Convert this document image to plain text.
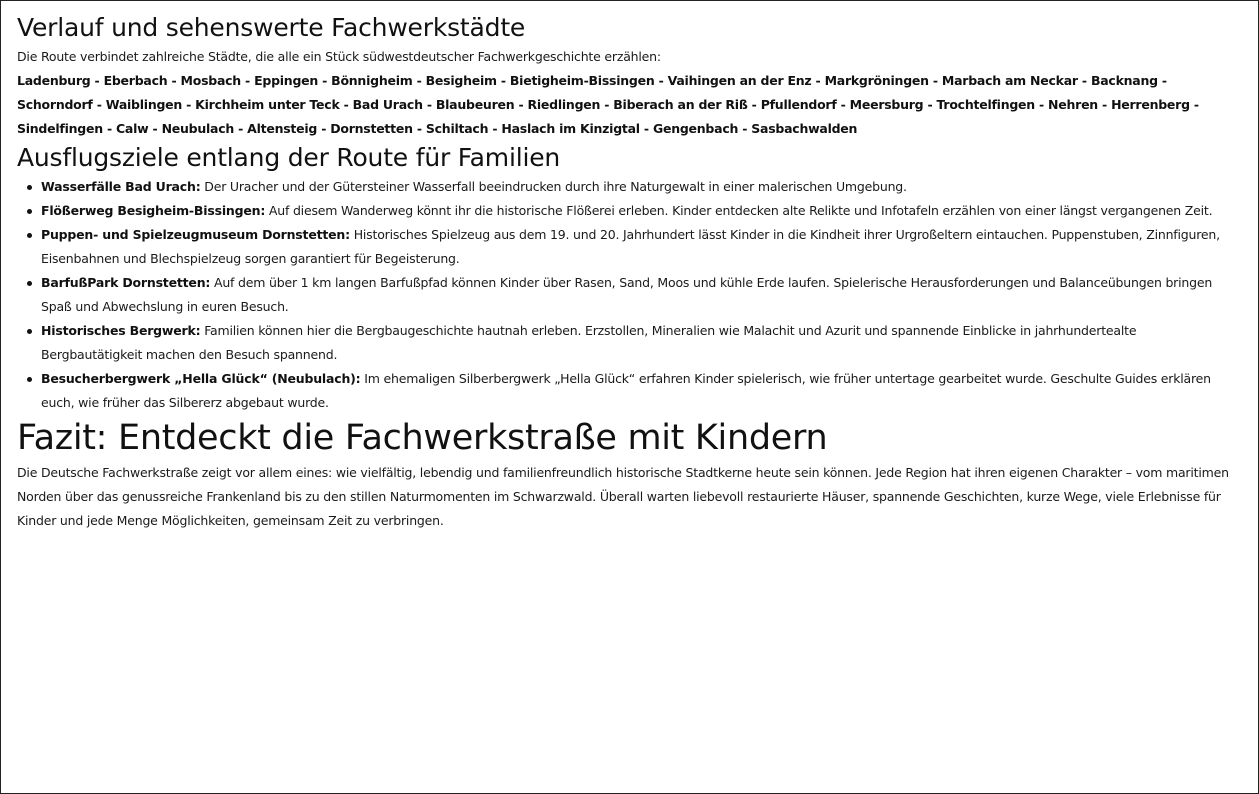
Verlauf und sehenswerte Fachwerkstädte

Die Route verbindet zahlreiche Städte, die alle ein Stück südwestdeutscher Fachwerkgeschichte erzählen:

Ladenburg - Eberbach - Mosbach - Eppingen - Bönnigheim - Besigheim - Bietigheim-Bissingen - Vaihingen an der Enz - Markgröningen - Marbach am Neckar - Backnang - Schorndorf - Waiblingen - Kirchheim unter Teck - Bad Urach - Blaubeuren - Riedlingen - Biberach an der Riß - Pfullendorf - Meersburg - Trochtelfingen - Nehren - Herrenberg - Sindelfingen - Calw - Neubulach - Altensteig - Dornstetten - Schiltach - Haslach im Kinzigtal - Gengenbach - Sasbachwalden

Ausflugsziele entlang der Route für Familien
Wasserfälle Bad Urach: Der Uracher und der Gütersteiner Wasserfall beeindrucken durch ihre Naturgewalt in einer malerischen Umgebung.
Flößerweg Besigheim-Bissingen: Auf diesem Wanderweg könnt ihr die historische Flößerei erleben. Kinder entdecken alte Relikte und Infotafeln erzählen von einer längst vergangenen Zeit.
Puppen- und Spielzeugmuseum Dornstetten: Historisches Spielzeug aus dem 19. und 20. Jahrhundert lässt Kinder in die Kindheit ihrer Urgroßeltern eintauchen. Puppenstuben, Zinnfiguren, Eisenbahnen und Blechspielzeug sorgen garantiert für Begeisterung.
BarfußPark Dornstetten: Auf dem über 1 km langen Barfußpfad können Kinder über Rasen, Sand, Moos und kühle Erde laufen. Spielerische Herausforderungen und Balanceübungen bringen Spaß und Abwechslung in euren Besuch.
Historisches Bergwerk: Familien können hier die Bergbaugeschichte hautnah erleben. Erzstollen, Mineralien wie Malachit und Azurit und spannende Einblicke in jahrhundertealte Bergbautätigkeit machen den Besuch spannend.
Besucherbergwerk „Hella Glück“ (Neubulach): Im ehemaligen Silberbergwerk „Hella Glück“ erfahren Kinder spielerisch, wie früher untertage gearbeitet wurde. Geschulte Guides erklären euch, wie früher das Silbererz abgebaut wurde.
Fazit: Entdeckt die Fachwerkstraße mit Kindern

Die Deutsche Fachwerkstraße zeigt vor allem eines: wie vielfältig, lebendig und familienfreundlich historische Stadtkerne heute sein können. Jede Region hat ihren eigenen Charakter – vom maritimen Norden über das genussreiche Frankenland bis zu den stillen Naturmomenten im Schwarzwald. Überall warten liebevoll restaurierte Häuser, spannende Geschichten, kurze Wege, viele Erlebnisse für Kinder und jede Menge Möglichkeiten, gemeinsam Zeit zu verbringen.
